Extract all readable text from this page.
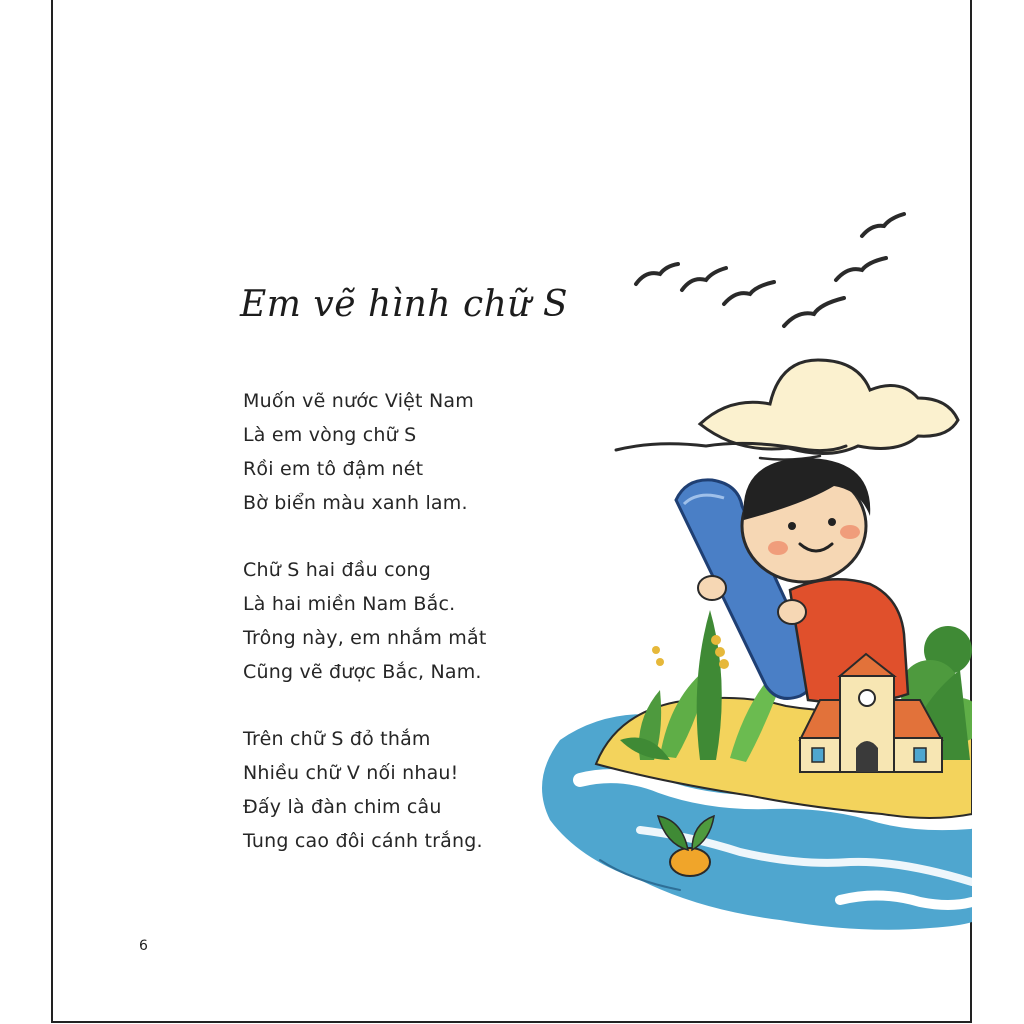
Em vẽ hình chữ S
Muốn vẽ nước Việt Nam
Là em vòng chữ S
Rồi em tô đậm nét
Bờ biển màu xanh lam.
Chữ S hai đầu cong
Là hai miền Nam Bắc.
Trông này, em nhắm mắt
Cũng vẽ được Bắc, Nam.
Trên chữ S đỏ thắm
Nhiều chữ V nối nhau!
Đấy là đàn chim câu
Tung cao đôi cánh trắng.
6
